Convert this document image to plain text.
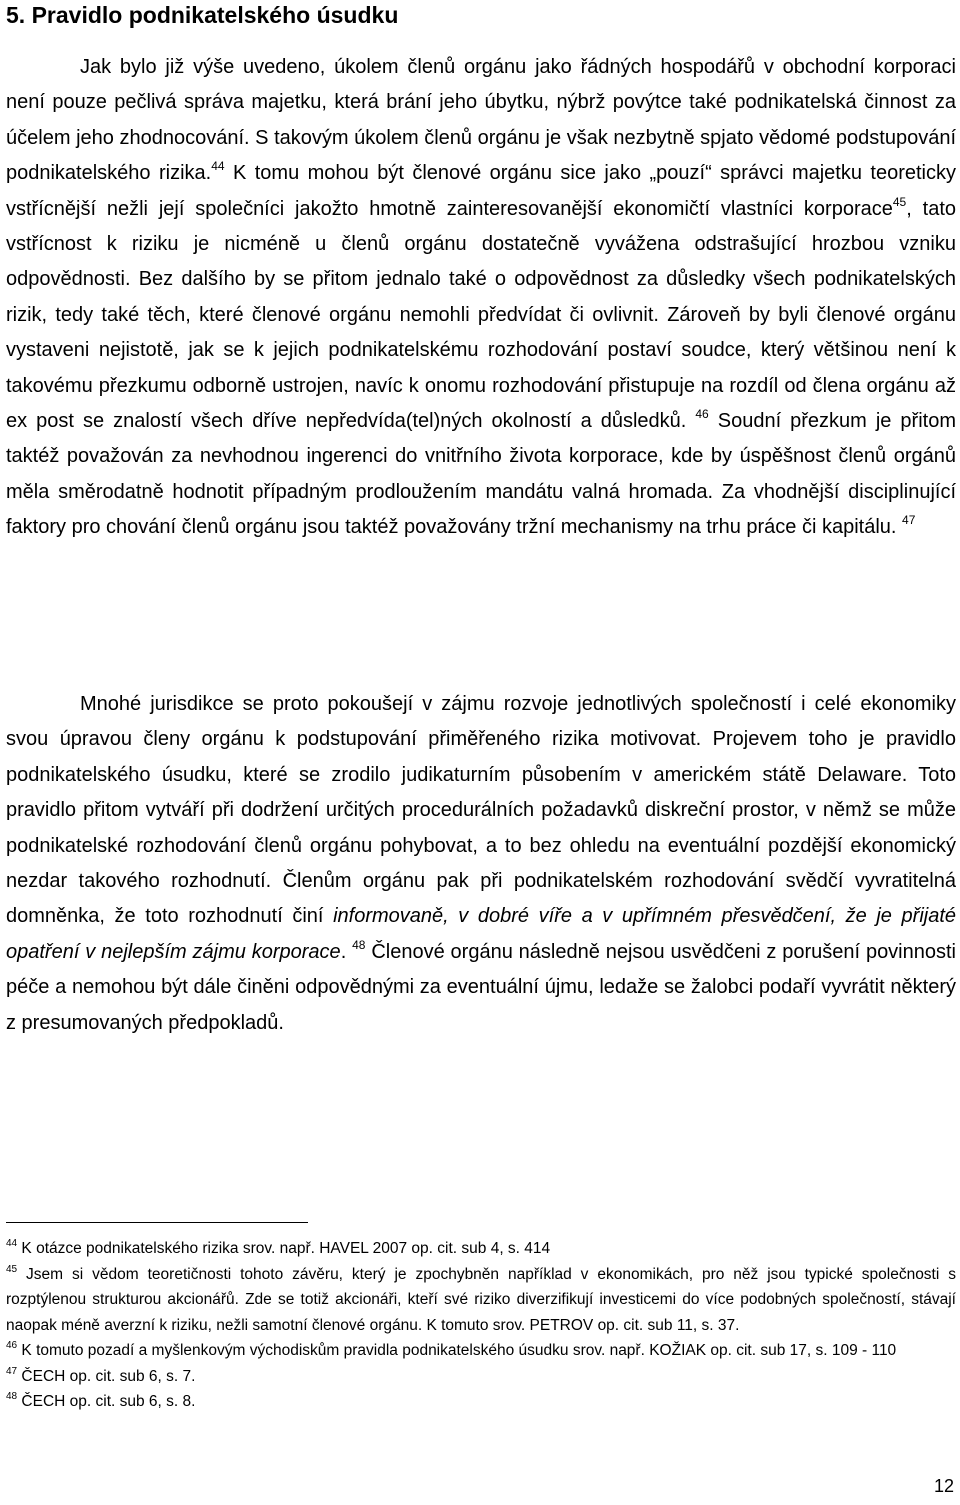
5. Pravidlo podnikatelského úsudku

Jak bylo již výše uvedeno, úkolem členů orgánu jako řádných hospodářů v obchodní korporaci není pouze pečlivá správa majetku, která brání jeho úbytku, nýbrž povýtce také podnikatelská činnost za účelem jeho zhodnocování. S takovým úkolem členů orgánu je však nezbytně spjato vědomé podstupování podnikatelského rizika.$^{44}$ K tomu mohou být členové orgánu sice jako „pouzí“ správci majetku teoreticky vstřícnější nežli její společníci jakožto hmotně zainteresovanější ekonomičtí vlastníci korporace$^{45}$, tato vstřícnost k riziku je nicméně u členů orgánu dostatečně vyvážena odstrašující hrozbou vzniku odpovědnosti. Bez dalšího by se přitom jednalo také o odpovědnost za důsledky všech podnikatelských rizik, tedy také těch, které členové orgánu nemohli předvídat či ovlivnit. Zároveň by byli členové orgánu vystaveni nejistotě, jak se k jejich podnikatelskému rozhodování postaví soudce, který většinou není k takovému přezkumu odborně ustrojen, navíc k onomu rozhodování přistupuje na rozdíl od člena orgánu až ex post se znalostí všech dříve nepředvída(tel)ných okolností a důsledků. $^{46}$ Soudní přezkum je přitom taktéž považován za nevhodnou ingerenci do vnitřního života korporace, kde by úspěšnost členů orgánů měla směrodatně hodnotit případným prodloužením mandátu valná hromada. Za vhodnější disciplinující faktory pro chování členů orgánu jsou taktéž považovány tržní mechanismy na trhu práce či kapitálu. $^{47}$

Mnohé jurisdikce se proto pokoušejí v zájmu rozvoje jednotlivých společností i celé ekonomiky svou úpravou členy orgánu k podstupování přiměřeného rizika motivovat. Projevem toho je pravidlo podnikatelského úsudku, které se zrodilo judikaturním působením v americkém státě Delaware. Toto pravidlo přitom vytváří při dodržení určitých procedurálních požadavků diskreční prostor, v němž se může podnikatelské rozhodování členů orgánu pohybovat, a to bez ohledu na eventuální pozdější ekonomický nezdar takového rozhodnutí. Členům orgánu pak při podnikatelském rozhodování svědčí vyvratitelná domněnka, že toto rozhodnutí činí informovaně, v dobré víře a v upřímném přesvědčení, že je přijaté opatření v nejlepším zájmu korporace. $^{48}$ Členové orgánu následně nejsou usvědčeni z porušení povinnosti péče a nemohou být dále činěni odpovědnými za eventuální újmu, ledaže se žalobci podaří vyvrátit některý z presumovaných předpokladů.

$^{44}$ K otázce podnikatelského rizika srov. např. HAVEL 2007 op. cit. sub 4, s. 414

$^{45}$ Jsem si vědom teoretičnosti tohoto závěru, který je zpochybněn například v ekonomikách, pro něž jsou typické společnosti s rozptýlenou strukturou akcionářů. Zde se totiž akcionáři, kteří své riziko diverzifikují investicemi do více podobných společností, stávají naopak méně averzní k riziku, nežli samotní členové orgánu. K tomuto srov. PETROV op. cit. sub 11, s. 37.

$^{46}$ K tomuto pozadí a myšlenkovým východiskům pravidla podnikatelského úsudku srov. např. KOŽIAK op. cit. sub 17, s. 109 - 110

$^{47}$ ČECH op. cit. sub 6, s. 7.

$^{48}$ ČECH op. cit. sub 6, s. 8.

12
